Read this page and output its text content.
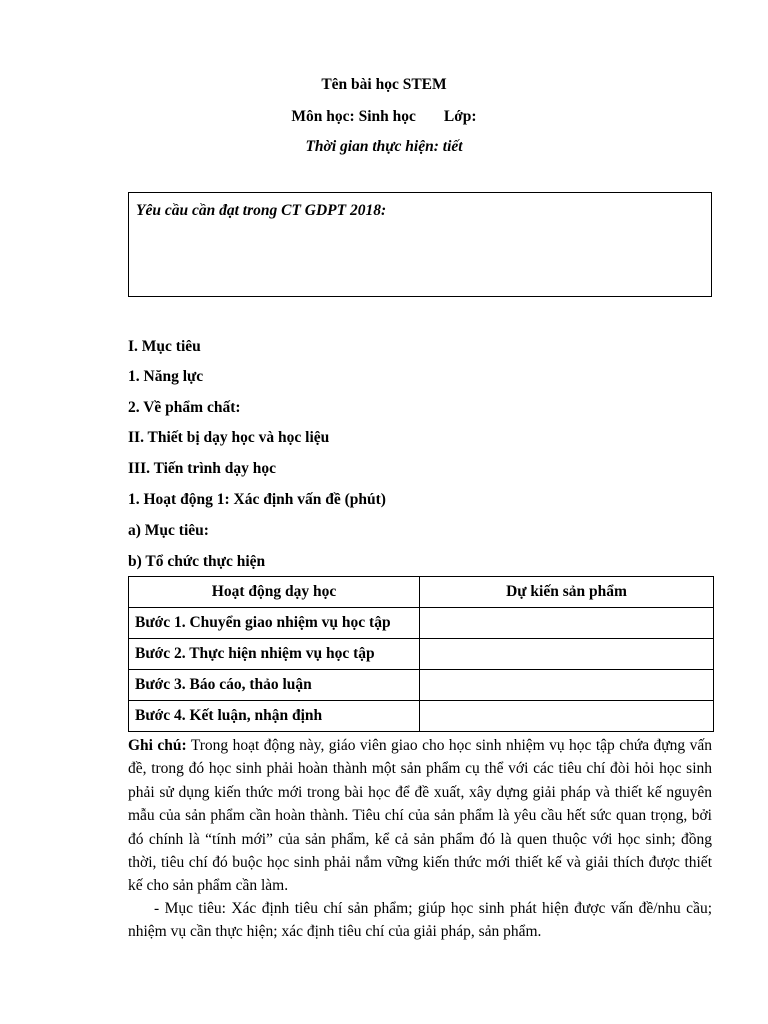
Tên bài học STEM
Môn học: Sinh học Lớp:
Thời gian thực hiện: tiết
Yêu cầu cần đạt trong CT GDPT 2018:
I. Mục tiêu
1. Năng lực
2. Về phẩm chất:
II. Thiết bị dạy học và học liệu
III. Tiến trình dạy học
1. Hoạt động 1: Xác định vấn đề (phút)
a) Mục tiêu:
b) Tổ chức thực hiện
Hoạt động dạy học	Dự kiến sản phẩm
Bước 1. Chuyển giao nhiệm vụ học tập	
Bước 2. Thực hiện nhiệm vụ học tập	
Bước 3. Báo cáo, thảo luận	
Bước 4. Kết luận, nhận định	
Ghi chú: Trong hoạt động này, giáo viên giao cho học sinh nhiệm vụ học tập chứa đựng vấn đề, trong đó học sinh phải hoàn thành một sản phẩm cụ thể với các tiêu chí đòi hỏi học sinh phải sử dụng kiến thức mới trong bài học để đề xuất, xây dựng giải pháp và thiết kế nguyên mẫu của sản phẩm cần hoàn thành. Tiêu chí của sản phẩm là yêu cầu hết sức quan trọng, bởi đó chính là “tính mới” của sản phẩm, kể cả sản phẩm đó là quen thuộc với học sinh; đồng thời, tiêu chí đó buộc học sinh phải nắm vững kiến thức mới thiết kế và giải thích được thiết kế cho sản phẩm cần làm.
- Mục tiêu: Xác định tiêu chí sản phẩm; giúp học sinh phát hiện được vấn đề/nhu cầu; nhiệm vụ cần thực hiện; xác định tiêu chí của giải pháp, sản phẩm.
